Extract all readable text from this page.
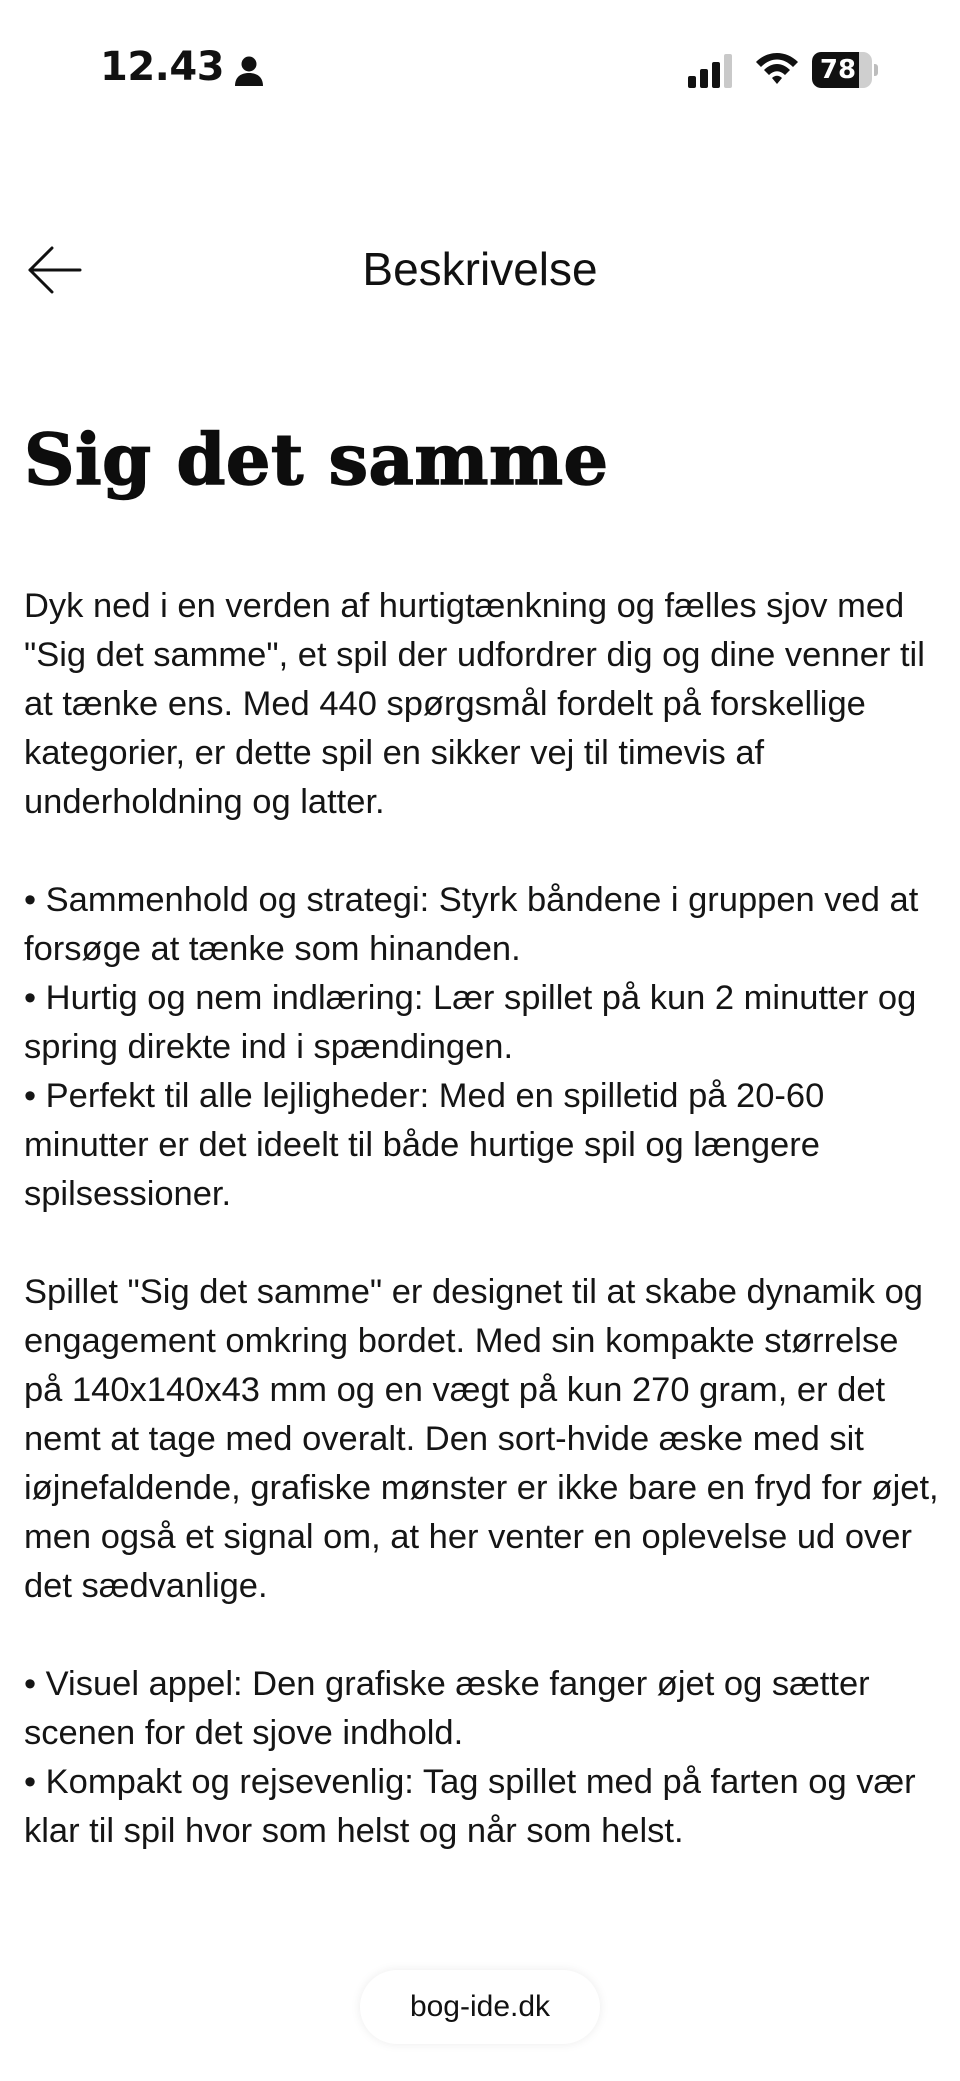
12.43	78
Beskrivelse
Sig det samme

Dyk ned i en verden af hurtigtænkning og fælles sjov med "Sig det samme", et spil der udfordrer dig og dine venner til at tænke ens. Med 440 spørgsmål fordelt på forskellige kategorier, er dette spil en sikker vej til timevis af underholdning og latter.

• Sammenhold og strategi: Styrk båndene i gruppen ved at forsøge at tænke som hinanden.
• Hurtig og nem indlæring: Lær spillet på kun 2 minutter og spring direkte ind i spændingen.
• Perfekt til alle lejligheder: Med en spilletid på 20-60 minutter er det ideelt til både hurtige spil og længere spilsessioner.

Spillet "Sig det samme" er designet til at skabe dynamik og engagement omkring bordet. Med sin kompakte størrelse på 140x140x43 mm og en vægt på kun 270 gram, er det nemt at tage med overalt. Den sort-hvide æske med sit iøjnefaldende, grafiske mønster er ikke bare en fryd for øjet, men også et signal om, at her venter en oplevelse ud over det sædvanlige.

• Visuel appel: Den grafiske æske fanger øjet og sætter scenen for det sjove indhold.
• Kompakt og rejsevenlig: Tag spillet med på farten og vær klar til spil hvor som helst og når som helst.
bog-ide.dk
